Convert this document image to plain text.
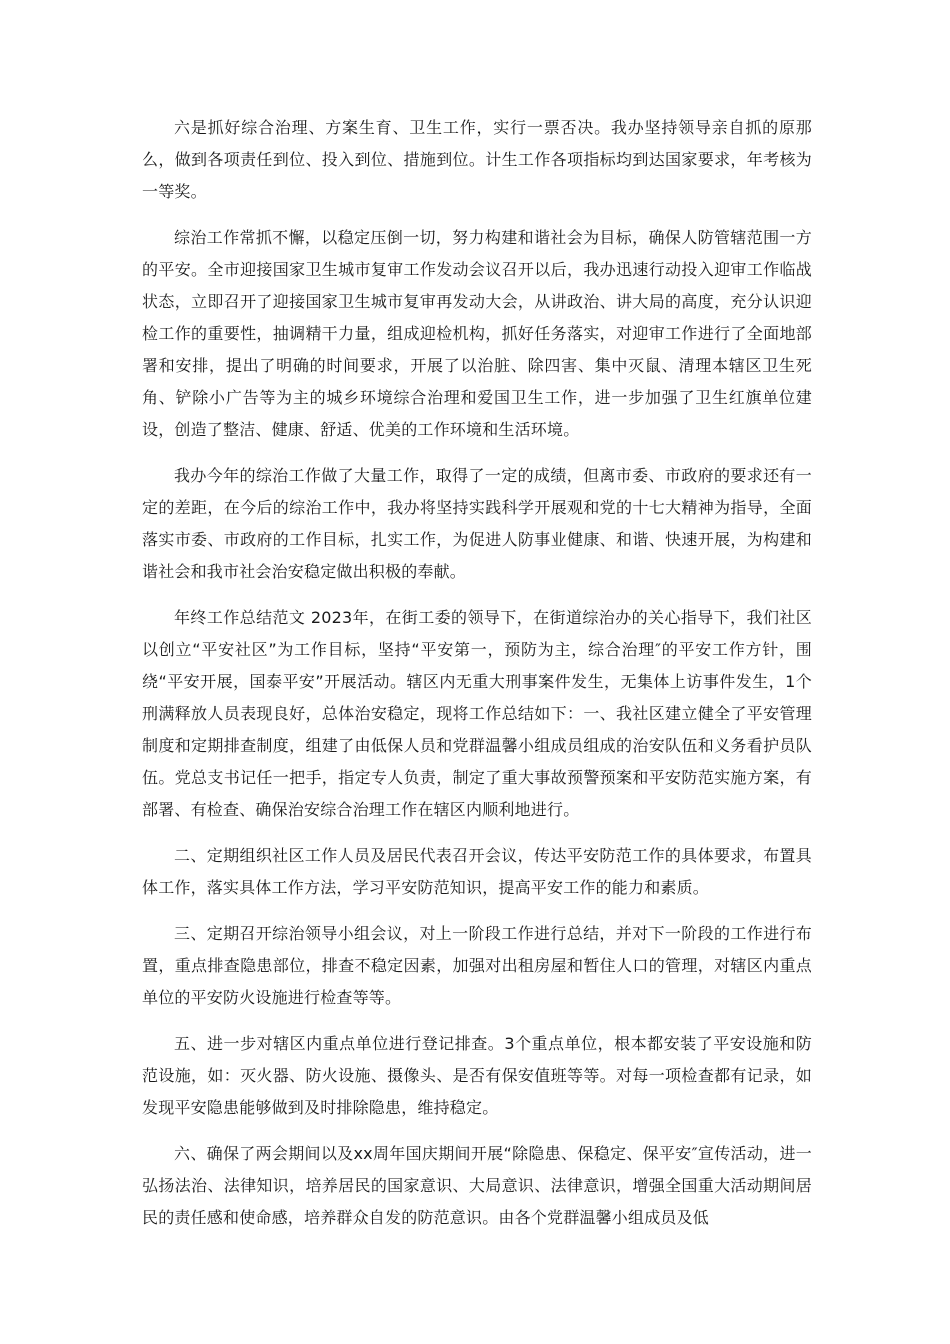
六是抓好综合治理、方案生育、卫生工作，实行一票否决。我办坚持领导亲自抓的原那么，做到各项责任到位、投入到位、措施到位。计生工作各项指标均到达国家要求，年考核为一等奖。

综治工作常抓不懈，以稳定压倒一切，努力构建和谐社会为目标，确保人防管辖范围一方的平安。全市迎接国家卫生城市复审工作发动会议召开以后，我办迅速行动投入迎审工作临战状态，立即召开了迎接国家卫生城市复审再发动大会，从讲政治、讲大局的高度，充分认识迎检工作的重要性，抽调精干力量，组成迎检机构，抓好任务落实，对迎审工作进行了全面地部署和安排，提出了明确的时间要求，开展了以治脏、除四害、集中灭鼠、清理本辖区卫生死角、铲除小广告等为主的城乡环境综合治理和爱国卫生工作，进一步加强了卫生红旗单位建设，创造了整洁、健康、舒适、优美的工作环境和生活环境。

我办今年的综治工作做了大量工作，取得了一定的成绩，但离市委、市政府的要求还有一定的差距，在今后的综治工作中，我办将坚持实践科学开展观和党的十七大精神为指导，全面落实市委、市政府的工作目标，扎实工作，为促进人防事业健康、和谐、快速开展，为构建和谐社会和我市社会治安稳定做出积极的奉献。

年终工作总结范文 2023年，在街工委的领导下，在街道综治办的关心指导下，我们社区以创立“平安社区”为工作目标，坚持“平安第一，预防为主，综合治理″的平安工作方针，围绕“平安开展，国泰平安”开展活动。辖区内无重大刑事案件发生，无集体上访事件发生，1个刑满释放人员表现良好，总体治安稳定，现将工作总结如下：一、我社区建立健全了平安管理制度和定期排查制度，组建了由低保人员和党群温馨小组成员组成的治安队伍和义务看护员队伍。党总支书记任一把手，指定专人负责，制定了重大事故预警预案和平安防范实施方案，有部署、有检查、确保治安综合治理工作在辖区内顺利地进行。

二、定期组织社区工作人员及居民代表召开会议，传达平安防范工作的具体要求，布置具体工作，落实具体工作方法，学习平安防范知识，提高平安工作的能力和素质。

三、定期召开综治领导小组会议，对上一阶段工作进行总结，并对下一阶段的工作进行布置，重点排查隐患部位，排查不稳定因素，加强对出租房屋和暂住人口的管理，对辖区内重点单位的平安防火设施进行检查等等。

五、进一步对辖区内重点单位进行登记排查。3个重点单位，根本都安装了平安设施和防范设施，如：灭火器、防火设施、摄像头、是否有保安值班等等。对每一项检查都有记录，如发现平安隐患能够做到及时排除隐患，维持稳定。

六、确保了两会期间以及xx周年国庆期间开展“除隐患、保稳定、保平安″宣传活动，进一弘扬法治、法律知识，培养居民的国家意识、大局意识、法律意识，增强全国重大活动期间居民的责任感和使命感，培养群众自发的防范意识。由各个党群温馨小组成员及低
